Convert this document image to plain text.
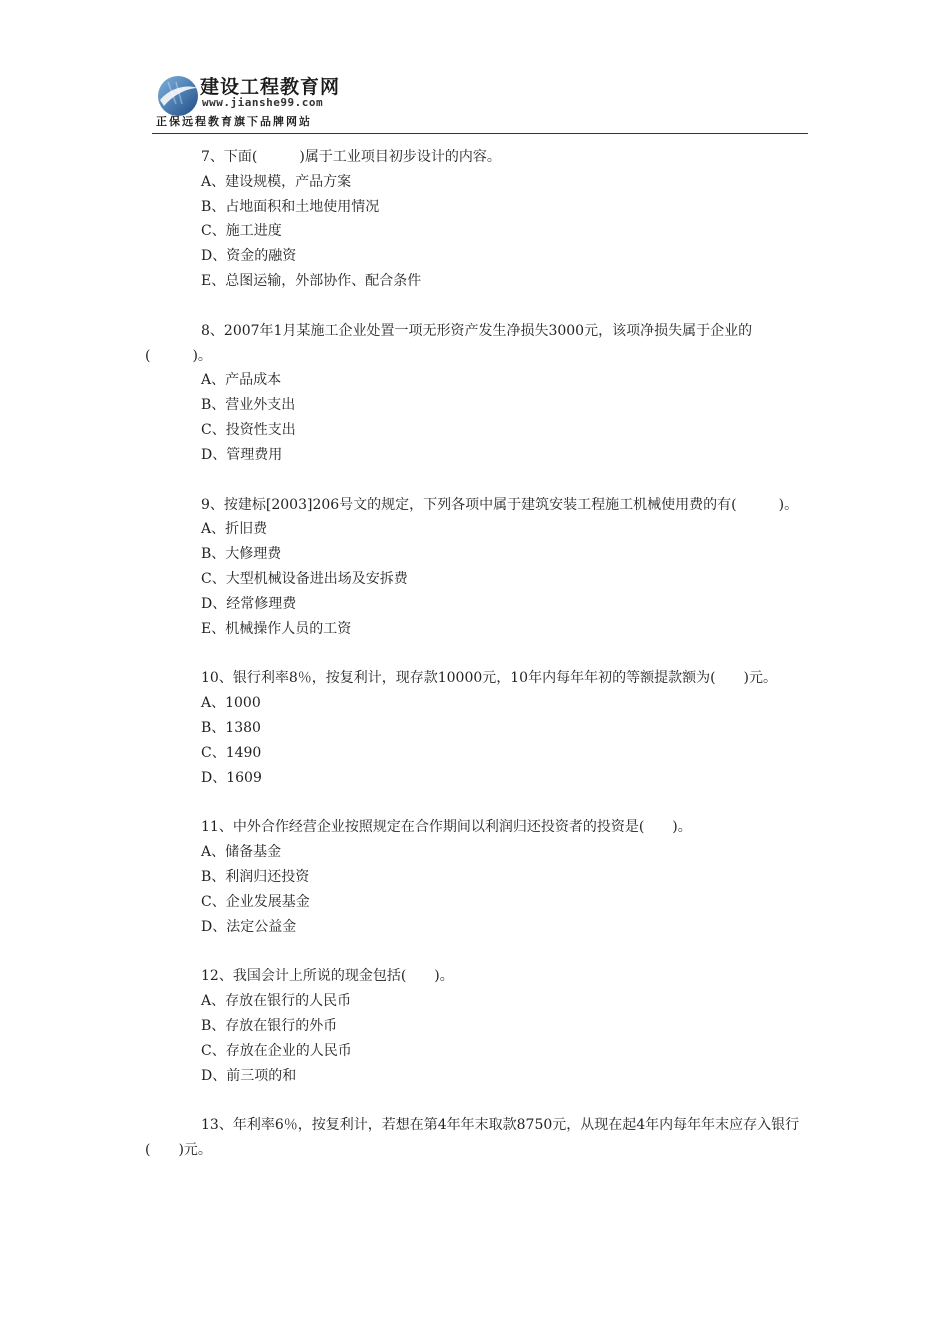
建设工程教育网
www.jianshe99.com
正保远程教育旗下品牌网站

7、下面(　　　)属于工业项目初步设计的内容。

A、建设规模，产品方案

B、占地面积和土地使用情况

C、施工进度

D、资金的融资

E、总图运输，外部协作、配合条件

8、2007年1月某施工企业处置一项无形资产发生净损失3000元，该项净损失属于企业的(　　　)。

A、产品成本

B、营业外支出

C、投资性支出

D、管理费用

9、按建标[2003]206号文的规定，下列各项中属于建筑安装工程施工机械使用费的有(　　　)。

A、折旧费

B、大修理费

C、大型机械设备进出场及安拆费

D、经常修理费

E、机械操作人员的工资

10、银行利率8％，按复利计，现存款10000元，10年内每年年初的等额提款额为(　　)元。

A、1000

B、1380

C、1490

D、1609

11、中外合作经营企业按照规定在合作期间以利润归还投资者的投资是(　　)。

A、储备基金

B、利润归还投资

C、企业发展基金

D、法定公益金

12、我国会计上所说的现金包括(　　)。

A、存放在银行的人民币

B、存放在银行的外币

C、存放在企业的人民币

D、前三项的和

13、年利率6％，按复利计，若想在第4年年末取款8750元，从现在起4年内每年年末应存入银行(　　)元。
